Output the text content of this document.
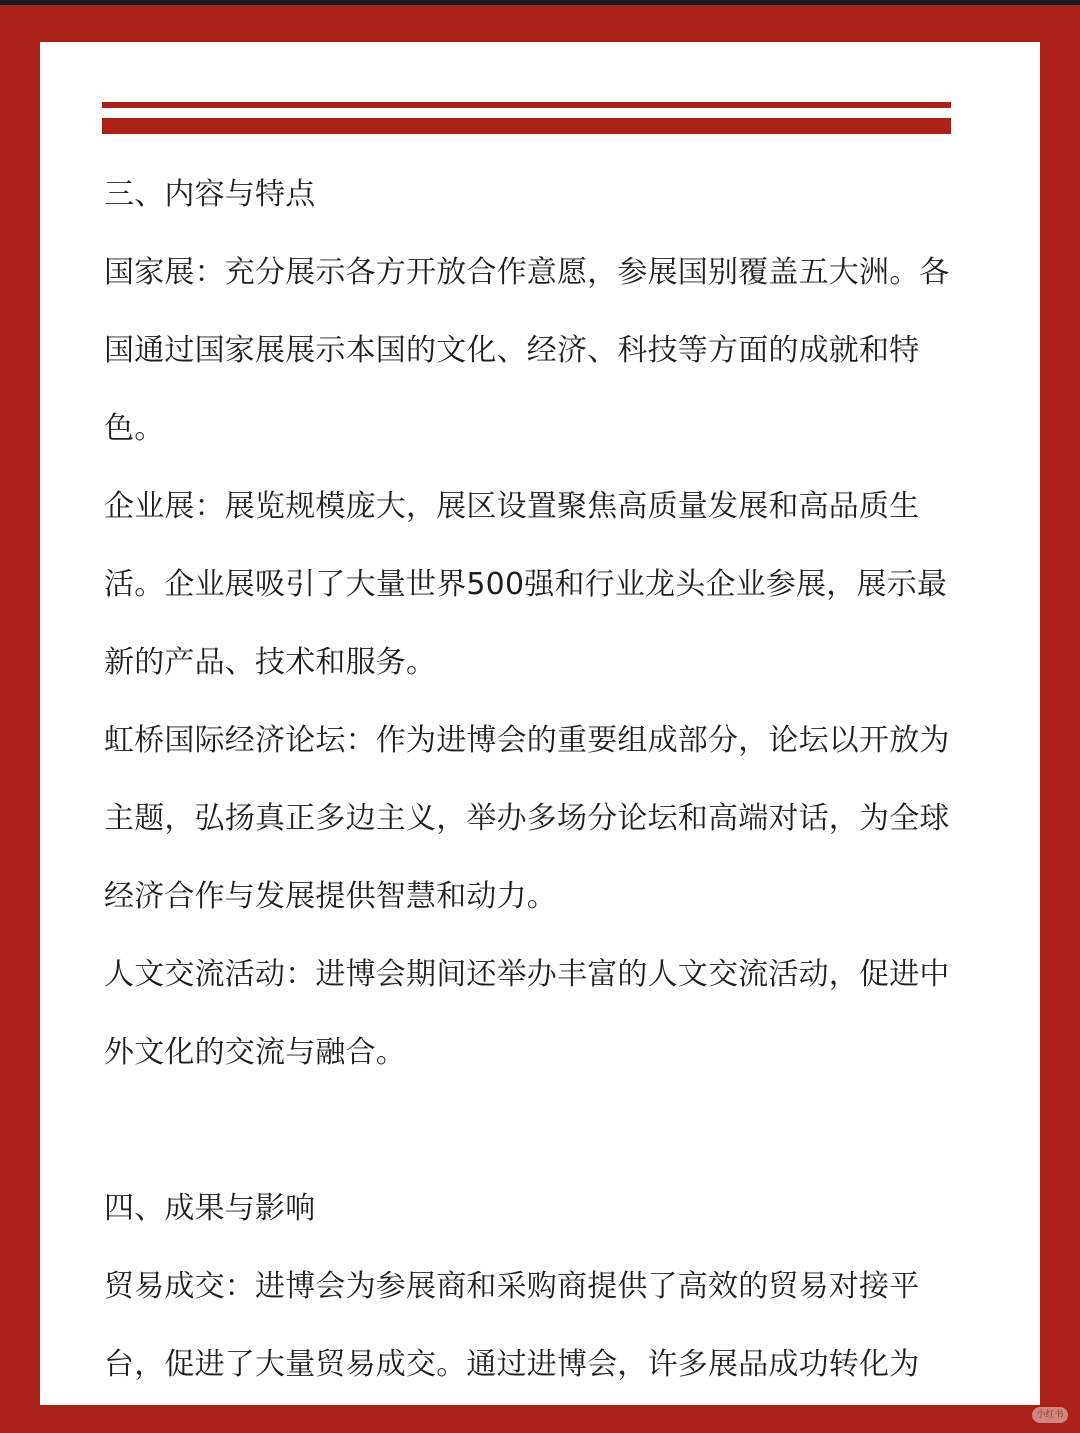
三、内容与特点

国家展：充分展示各方开放合作意愿，参展国别覆盖五大洲。各国通过国家展展示本国的文化、经济、科技等方面的成就和特色。

企业展：展览规模庞大，展区设置聚焦高质量发展和高品质生活。企业展吸引了大量世界500强和行业龙头企业参展，展示最新的产品、技术和服务。

虹桥国际经济论坛：作为进博会的重要组成部分，论坛以开放为主题，弘扬真正多边主义，举办多场分论坛和高端对话，为全球经济合作与发展提供智慧和动力。

人文交流活动：进博会期间还举办丰富的人文交流活动，促进中外文化的交流与融合。

四、成果与影响

贸易成交：进博会为参展商和采购商提供了高效的贸易对接平台，促进了大量贸易成交。通过进博会，许多展品成功转化为

小红书
